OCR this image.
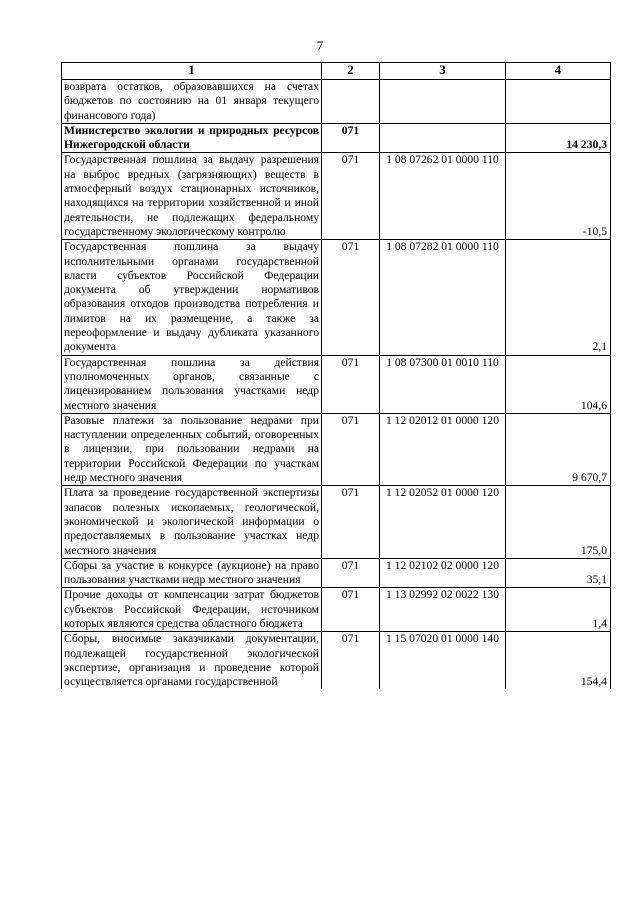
7
1	2	3	4
возврата остатков, образовавшихся на счетах бюджетов по состоянию на 01 января текущего финансового года)			
Министерство экологии и природных ресурсов Нижегородской области	071		14 230,3
Государственная пошлина за выдачу разрешения на выброс вредных (загрязняющих) веществ в атмосферный воздух стационарных источников, находящихся на территории хозяйственной и иной деятельности, не подлежащих федеральному государственному экологическому контролю	071	1 08 07262 01 0000 110	-10,5
Государственная пошлина за выдачу исполнительными органами государственной власти субъектов Российской Федерации документа об утверждении нормативов образования отходов производства потребления и лимитов на их размещение, а также за переоформление и выдачу дубликата указанного документа	071	1 08 07282 01 0000 110	2,1
Государственная пошлина за действия уполномоченных органов, связанные с лицензированием пользования участками недр местного значения	071	1 08 07300 01 0010 110	104,6
Разовые платежи за пользование недрами при наступлении определенных событий, оговоренных в лицензии, при пользовании недрами на территории Российской Федерации по участкам недр местного значения	071	1 12 02012 01 0000 120	9 670,7
Плата за проведение государственной экспертизы запасов полезных ископаемых, геологической, экономической и экологической информации о предоставляемых в пользование участках недр местного значения	071	1 12 02052 01 0000 120	175,0
Сборы за участие в конкурсе (аукционе) на право пользования участками недр местного значения	071	1 12 02102 02 0000 120	35,1
Прочие доходы от компенсации затрат бюджетов субъектов Российской Федерации, источником которых являются средства областного бюджета	071	1 13 02992 02 0022 130	1,4
Сборы, вносимые заказчиками документации, подлежащей государственной экологической экспертизе, организация и проведение которой осуществляется органами государственной	071	1 15 07020 01 0000 140	154,4
